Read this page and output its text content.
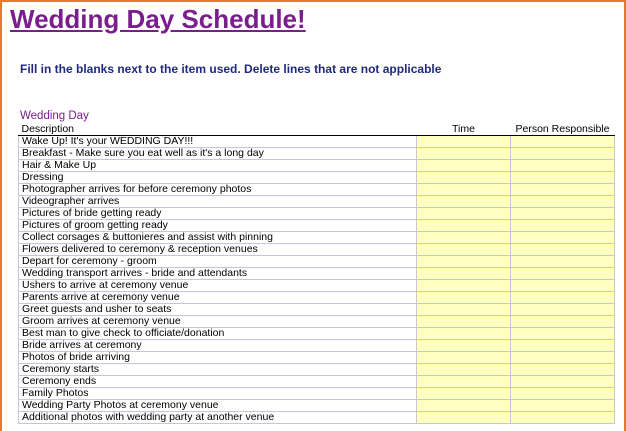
Wedding Day Schedule!
Fill in the blanks next to the item used. Delete lines that are not applicable
Wedding Day
Description	Time	Person Responsible
Wake Up! It's your WEDDING DAY!!!		
Breakfast - Make sure you eat well as it's a long day		
Hair & Make Up		
Dressing		
Photographer arrives for before ceremony photos		
Videographer arrives		
Pictures of bride getting ready		
Pictures of groom getting ready		
Collect corsages & buttonieres and assist with pinning		
Flowers delivered to ceremony & reception venues		
Depart for ceremony - groom		
Wedding transport arrives - bride and attendants		
Ushers to arrive at ceremony venue		
Parents arrive at ceremony venue		
Greet guests and usher to seats		
Groom arrives at ceremony venue		
Best man to give check to officiate/donation		
Bride arrives at ceremony		
Photos of bride arriving		
Ceremony starts		
Ceremony ends		
Family Photos		
Wedding Party Photos at ceremony venue		
Additional photos with wedding party at another venue		
